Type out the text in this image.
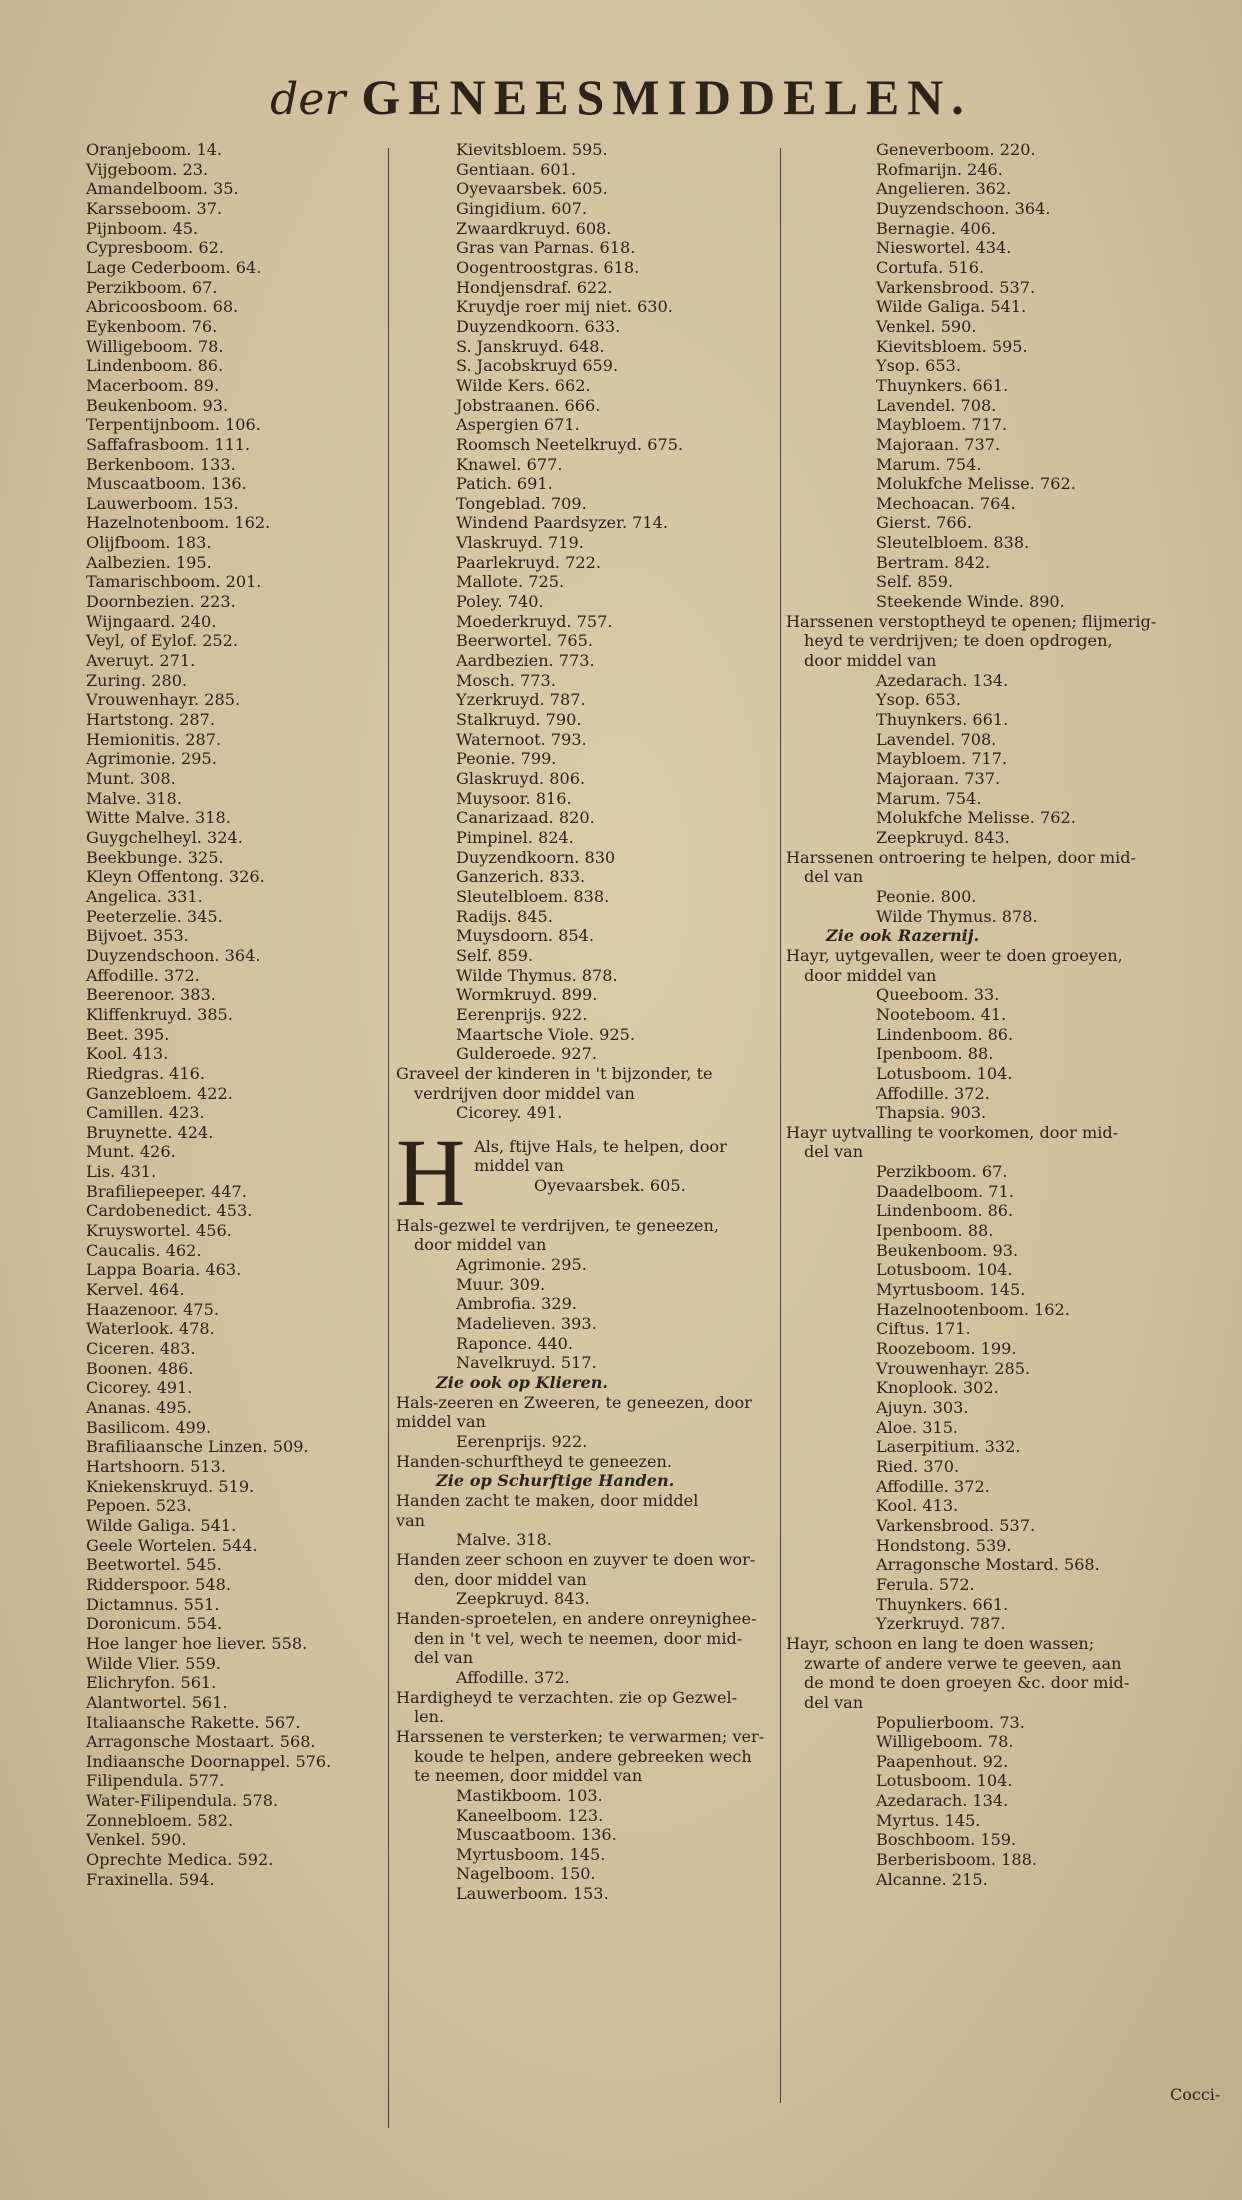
der GENEESMIDDELEN.
Oranjeboom. 14.
Vijgeboom. 23.
Amandelboom. 35.
Karsseboom. 37.
Pijnboom. 45.
Cypresboom. 62.
Lage Cederboom. 64.
Perzikboom. 67.
Abricoosboom. 68.
Eykenboom. 76.
Willigeboom. 78.
Lindenboom. 86.
Macerboom. 89.
Beukenboom. 93.
Terpentijnboom. 106.
Saffafrasboom. 111.
Berkenboom. 133.
Muscaatboom. 136.
Lauwerboom. 153.
Hazelnotenboom. 162.
Olijfboom. 183.
Aalbezien. 195.
Tamarischboom. 201.
Doornbezien. 223.
Wijngaard. 240.
Veyl, of Eylof. 252.
Averuyt. 271.
Zuring. 280.
Vrouwenhayr. 285.
Hartstong. 287.
Hemionitis. 287.
Agrimonie. 295.
Munt. 308.
Malve. 318.
Witte Malve. 318.
Guygchelheyl. 324.
Beekbunge. 325.
Kleyn Offentong. 326.
Angelica. 331.
Peeterzelie. 345.
Bijvoet. 353.
Duyzendschoon. 364.
Affodille. 372.
Beerenoor. 383.
Kliffenkruyd. 385.
Beet. 395.
Kool. 413.
Riedgras. 416.
Ganzebloem. 422.
Camillen. 423.
Bruynette. 424.
Munt. 426.
Lis. 431.
Brafiliepeeper. 447.
Cardobenedict. 453.
Kruyswortel. 456.
Caucalis. 462.
Lappa Boaria. 463.
Kervel. 464.
Haazenoor. 475.
Waterlook. 478.
Ciceren. 483.
Boonen. 486.
Cicorey. 491.
Ananas. 495.
Basilicom. 499.
Brafiliaansche Linzen. 509.
Hartshoorn. 513.
Kniekenskruyd. 519.
Pepoen. 523.
Wilde Galiga. 541.
Geele Wortelen. 544.
Beetwortel. 545.
Ridderspoor. 548.
Dictamnus. 551.
Doronicum. 554.
Hoe langer hoe liever. 558.
Wilde Vlier. 559.
Elichryfon. 561.
Alantwortel. 561.
Italiaansche Rakette. 567.
Arragonsche Mostaart. 568.
Indiaansche Doornappel. 576.
Filipendula. 577.
Water-Filipendula. 578.
Zonnebloem. 582.
Venkel. 590.
Oprechte Medica. 592.
Fraxinella. 594.
Kievitsbloem. 595.
Gentiaan. 601.
Oyevaarsbek. 605.
Gingidium. 607.
Zwaardkruyd. 608.
Gras van Parnas. 618.
Oogentroostgras. 618.
Hondjensdraf. 622.
Kruydje roer mij niet. 630.
Duyzendkoorn. 633.
S. Janskruyd. 648.
S. Jacobskruyd 659.
Wilde Kers. 662.
Jobstraanen. 666.
Aspergien 671.
Roomsch Neetelkruyd. 675.
Knawel. 677.
Patich. 691.
Tongeblad. 709.
Windend Paardsyzer. 714.
Vlaskruyd. 719.
Paarlekruyd. 722.
Mallote. 725.
Poley. 740.
Moederkruyd. 757.
Beerwortel. 765.
Aardbezien. 773.
Mosch. 773.
Yzerkruyd. 787.
Stalkruyd. 790.
Waternoot. 793.
Peonie. 799.
Glaskruyd. 806.
Muysoor. 816.
Canarizaad. 820.
Pimpinel. 824.
Duyzendkoorn. 830
Ganzerich. 833.
Sleutelbloem. 838.
Radijs. 845.
Muysdoorn. 854.
Self. 859.
Wilde Thymus. 878.
Wormkruyd. 899.
Eerenprijs. 922.
Maartsche Viole. 925.
Gulderoede. 927.
Graveel der kinderen in 't bijzonder, te
verdrijven door middel van
Cicorey. 491.
H Als, ftijve Hals, te helpen, door
middel van
Oyevaarsbek. 605.
Hals-gezwel te verdrijven, te geneezen,
door middel van
Agrimonie. 295.
Muur. 309.
Ambrofia. 329.
Madelieven. 393.
Raponce. 440.
Navelkruyd. 517.
Zie ook op Klieren.
Hals-zeeren en Zweeren, te geneezen, door
middel van
Eerenprijs. 922.
Handen-schurftheyd te geneezen.
Zie op Schurftige Handen.
Handen zacht te maken, door middel
van
Malve. 318.
Handen zeer schoon en zuyver te doen wor-
den, door middel van
Zeepkruyd. 843.
Handen-sproetelen, en andere onreynighee-
den in 't vel, wech te neemen, door mid-
del van
Affodille. 372.
Hardigheyd te verzachten. zie op Gezwel-
len.
Harssenen te versterken; te verwarmen; ver-
koude te helpen, andere gebreeken wech
te neemen, door middel van
Mastikboom. 103.
Kaneelboom. 123.
Muscaatboom. 136.
Myrtusboom. 145.
Nagelboom. 150.
Lauwerboom. 153.
Geneverboom. 220.
Rofmarijn. 246.
Angelieren. 362.
Duyzendschoon. 364.
Bernagie. 406.
Nieswortel. 434.
Cortufa. 516.
Varkensbrood. 537.
Wilde Galiga. 541.
Venkel. 590.
Kievitsbloem. 595.
Ysop. 653.
Thuynkers. 661.
Lavendel. 708.
Maybloem. 717.
Majoraan. 737.
Marum. 754.
Molukfche Melisse. 762.
Mechoacan. 764.
Gierst. 766.
Sleutelbloem. 838.
Bertram. 842.
Self. 859.
Steekende Winde. 890.
Harssenen verstoptheyd te openen; flijmerig-
heyd te verdrijven; te doen opdrogen,
door middel van
Azedarach. 134.
Ysop. 653.
Thuynkers. 661.
Lavendel. 708.
Maybloem. 717.
Majoraan. 737.
Marum. 754.
Molukfche Melisse. 762.
Zeepkruyd. 843.
Harssenen ontroering te helpen, door mid-
del van
Peonie. 800.
Wilde Thymus. 878.
Zie ook Razernij.
Hayr, uytgevallen, weer te doen groeyen,
door middel van
Queeboom. 33.
Nooteboom. 41.
Lindenboom. 86.
Ipenboom. 88.
Lotusboom. 104.
Affodille. 372.
Thapsia. 903.
Hayr uytvalling te voorkomen, door mid-
del van
Perzikboom. 67.
Daadelboom. 71.
Lindenboom. 86.
Ipenboom. 88.
Beukenboom. 93.
Lotusboom. 104.
Myrtusboom. 145.
Hazelnootenboom. 162.
Ciftus. 171.
Roozeboom. 199.
Vrouwenhayr. 285.
Knoplook. 302.
Ajuyn. 303.
Aloe. 315.
Laserpitium. 332.
Ried. 370.
Affodille. 372.
Kool. 413.
Varkensbrood. 537.
Hondstong. 539.
Arragonsche Mostard. 568.
Ferula. 572.
Thuynkers. 661.
Yzerkruyd. 787.
Hayr, schoon en lang te doen wassen;
zwarte of andere verwe te geeven, aan
de mond te doen groeyen &c. door mid-
del van
Populierboom. 73.
Willigeboom. 78.
Paapenhout. 92.
Lotusboom. 104.
Azedarach. 134.
Myrtus. 145.
Boschboom. 159.
Berberisboom. 188.
Alcanne. 215.
Cocci-
